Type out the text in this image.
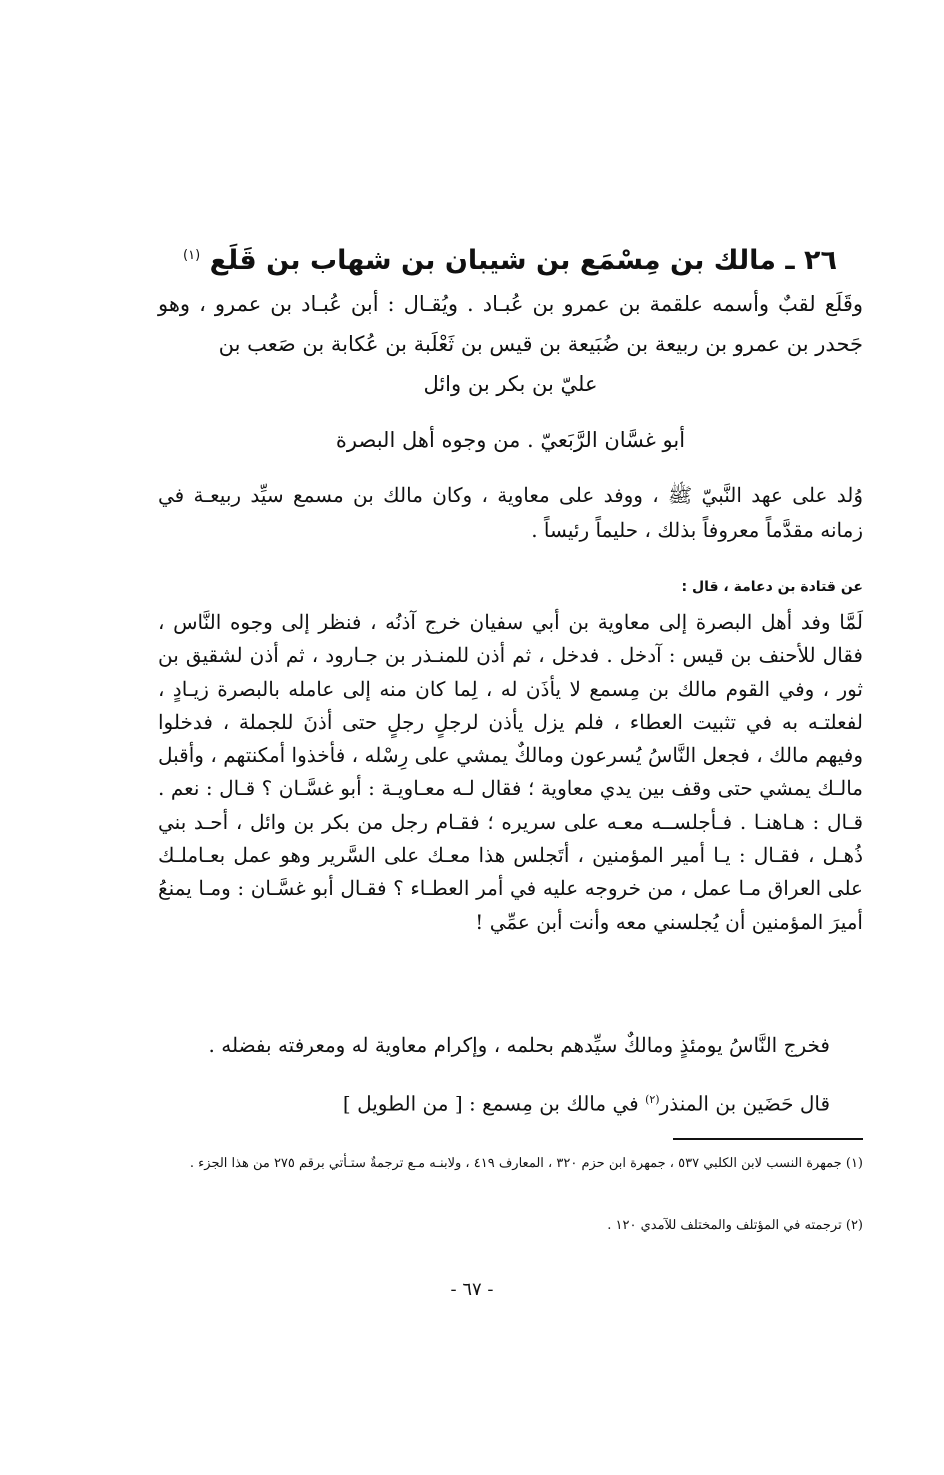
٢٦ ـ مالك بن مِسْمَع بن شيبان بن شهاب بن قَلَع $^{(١)}$
وقَلَع لقبٌ وأسمه علقمة بن عمرو بن عُبـاد . ويُقـال : أبن عُبـاد بن عمرو ، وهو جَحدر بن عمرو بن ربيعة بن ضُبَيعة بن قيس بن ثَعْلَبة بن عُكابة بن صَعب بن
عليّ بن بكر بن وائل
أبو غسَّان الرَّبَعيّ . من وجوه أهل البصرة
وُلد على عهد النَّبيّ ﷺ ، ووفد على معاوية ، وكان مالك بن مسمع سيِّد ربيعـة في زمانه مقدَّماً معروفاً بذلك ، حليماً رئيساً .
عن قتادة بن دعامة ، قال :
لَمَّا وفد أهل البصرة إلى معاوية بن أبي سفيان خرج آذنُه ، فنظر إلى وجوه النَّاس ، فقال للأحنف بن قيس : آدخل . فدخل ، ثم أذن للمنـذر بن جـارود ، ثم أذن لشقيق بن ثور ، وفي القوم مالك بن مِسمع لا يأذَن له ، لِما كان منه إلى عامله بالبصرة زيـادٍ ، لفعلتـه به في تثبيت العطاء ، فلم يزل يأذن لرجلٍ رجلٍ حتى أذنَ للجملة ، فدخلوا وفيهم مالك ، فجعل النَّاسُ يُسرعون ومالكٌ يمشي على رِسْله ، فأخذوا أمكنتهم ، وأقبل مالـك يمشي حتى وقف بين يدي معاوية ؛ فقال لـه معـاويـة : أبو غسَّـان ؟ قـال : نعم . قـال : هـاهنـا . فـأجلســه معـه على سريره ؛ فقـام رجل من بكر بن وائل ، أحـد بني ذُهـل ، فقـال : يـا أمير المؤمنين ، أتَجلس هذا معـك على السَّرير وهو عمل بعـاملـك على العراق مـا عمل ، من خروجه عليه في أمر العطـاء ؟ فقـال أبو غسَّـان : ومـا يمنعُ أميرَ المؤمنين أن يُجلسني معه وأنت أبن عمِّي !
فخرج النَّاسُ يومئذٍ ومالكٌ سيِّدهم بحلمه ، وإكرام معاوية له ومعرفته بفضله .
قال حَضَين بن المنذر$^{(٢)}$ في مالك بن مِسمع : [ من الطويل ]
(١) جمهرة النسب لابن الكلبي ٥٣٧ ، جمهرة ابن حزم ٣٢٠ ، المعارف ٤١٩ ، ولابنـه مـع ترجمةٌ ستـأتي برقم ٢٧٥ من هذا الجزء .
(٢) ترجمته في المؤتلف والمختلف للآمدي ١٢٠ .
- ٦٧ -
